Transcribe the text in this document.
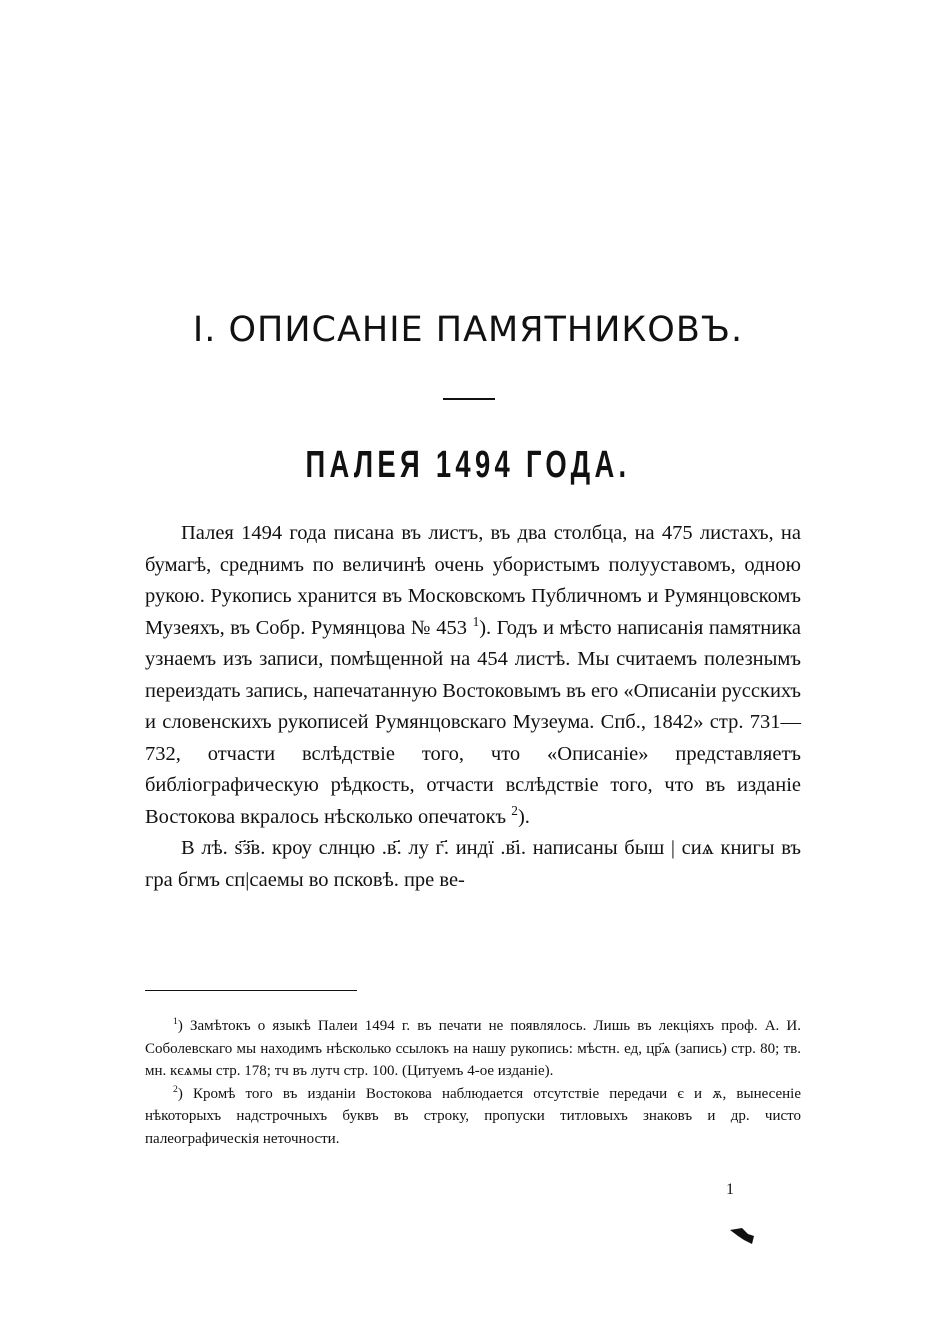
I. ОПИСАНІЕ ПАМЯТНИКОВЪ.
ПАЛЕЯ 1494 ГОДА.

Палея 1494 года писана въ листъ, въ два столбца, на 475 листахъ, на бумагѣ, среднимъ по величинѣ очень убористымъ полууставомъ, одною рукою. Рукопись хранится въ Московскомъ Публичномъ и Румянцовскомъ Музеяхъ, въ Собр. Румянцова № 453 $^1$). Годъ и мѣсто написанія памятника узнаемъ изъ записи, помѣщенной на 454 листѣ. Мы считаемъ полезнымъ переиздать запись, напечатанную Востоковымъ въ его «Описаніи русскихъ и словенскихъ рукописей Румянцовскаго Музеума. Спб., 1842» стр. 731—732, отчасти вслѣдствіе того, что «Описаніе» представляетъ библіографическую рѣдкость, отчасти вслѣдствіе того, что въ изданіе Востокова вкралось нѣсколько опечатокъ $^2$).

В лѣ. ѕ҃з҃в. кроу слнцю .в҃. лу г҃. индї .в҃ı. написаны быш | сиѧ книгы въ гра бгмъ сп|саемы во псковѣ. пре ве-

$^1$) Замѣтокъ о языкѣ Палеи 1494 г. въ печати не появлялось. Лишь въ лекціяхъ проф. А. И. Соболевскаго мы находимъ нѣсколько ссылокъ на нашу рукопись: мѣстн. ед, цр҃ѧ (запись) стр. 80; тв. мн. кєѧмы стр. 178; тч въ лутч стр. 100. (Цитуемъ 4-ое изданіе).

$^2$) Кромѣ того въ изданіи Востокова наблюдается отсутствіе передачи є и ѫ, вынесеніе нѣкоторыхъ надстрочныхъ буквъ въ строку, пропуски титловыхъ знаковъ и др. чисто палеографическія неточности.

1
